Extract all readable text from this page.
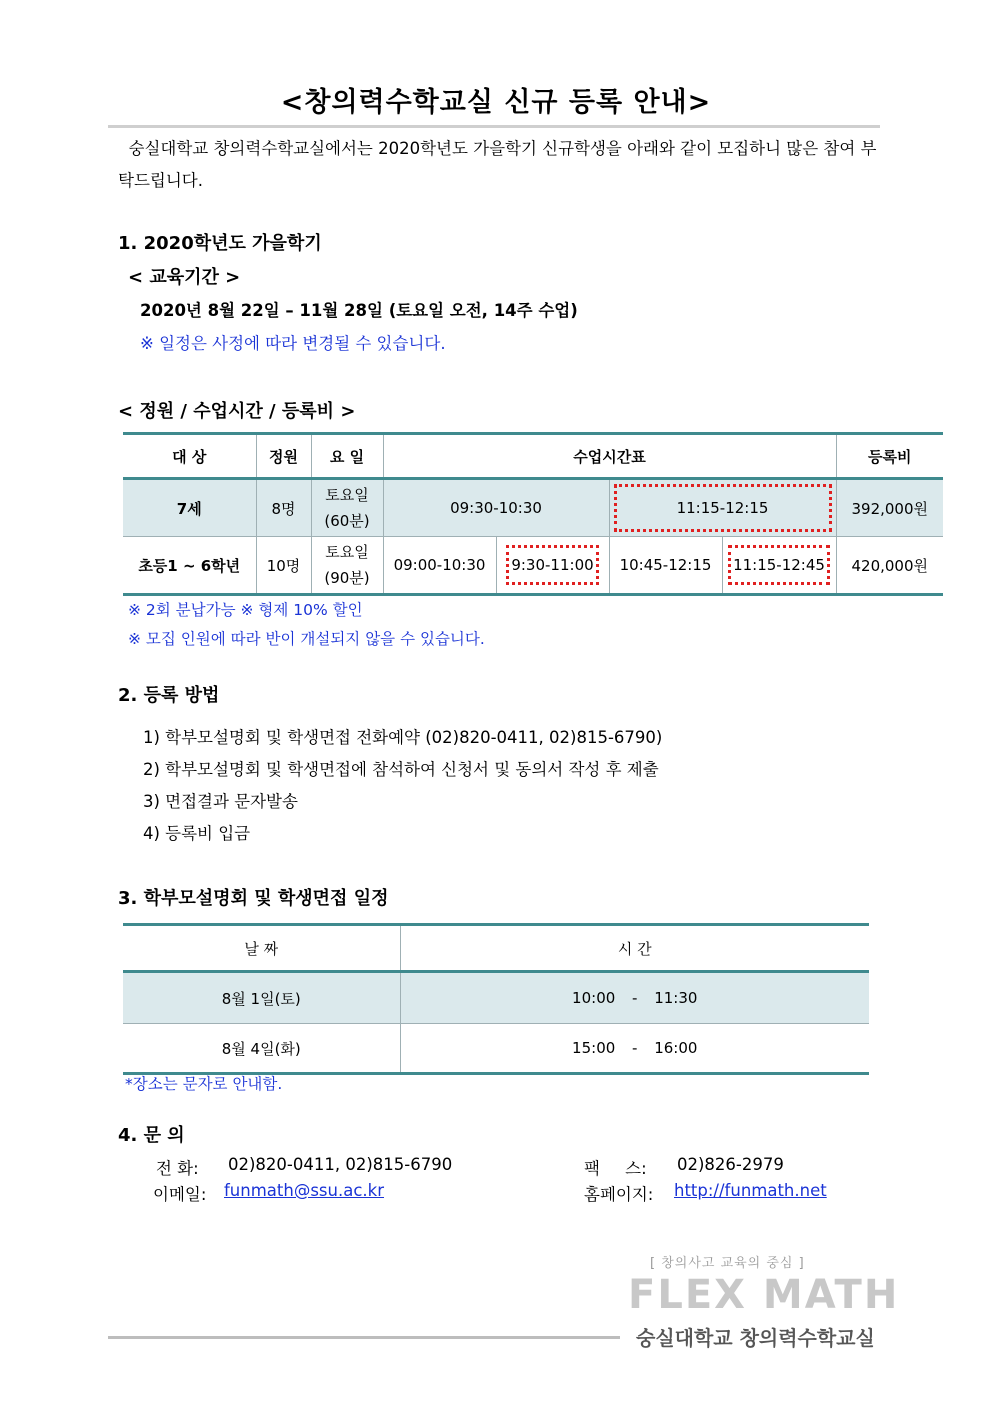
<창의력수학교실 신규 등록 안내>
숭실대학교 창의력수학교실에서는 2020학년도 가을학기 신규학생을 아래와 같이 모집하니 많은 참여 부탁드립니다.
1. 2020학년도 가을학기
< 교육기간 >
2020년 8월 22일 – 11월 28일 (토요일 오전, 14주 수업)
※ 일정은 사정에 따라 변경될 수 있습니다.
< 정원 / 수업시간 / 등록비 >
대 상	정원	요 일	수업시간표				등록비
7세	8명	토요일
(60분)	09:30-10:30		11:15-12:15		392,000원
초등1 ~ 6학년	10명	토요일
(90분)	09:00-10:30	9:30-11:00	10:45-12:15	11:15-12:45	420,000원
※ 2회 분납가능 ※ 형제 10% 할인
※ 모집 인원에 따라 반이 개설되지 않을 수 있습니다.
2. 등록 방법
1) 학부모설명회 및 학생면접 전화예약 (02)820-0411, 02)815-6790)
2) 학부모설명회 및 학생면접에 참석하여 신청서 및 동의서 작성 후 제출
3) 면접결과 문자발송
4) 등록비 입금
3. 학부모설명회 및 학생면접 일정
날 짜	시 간
8월 1일(토)	10:00 - 11:30
8월 4일(화)	15:00 - 16:00
*장소는 문자로 안내함.
4. 문 의
전 화: 02)820-0411, 02)815-6790	팩 스: 02)826-2979
이메일: funmath@ssu.ac.kr	홈페이지: http://funmath.net
[ 창의사고 교육의 중심 ]
FLEX MATH
숭실대학교 창의력수학교실
